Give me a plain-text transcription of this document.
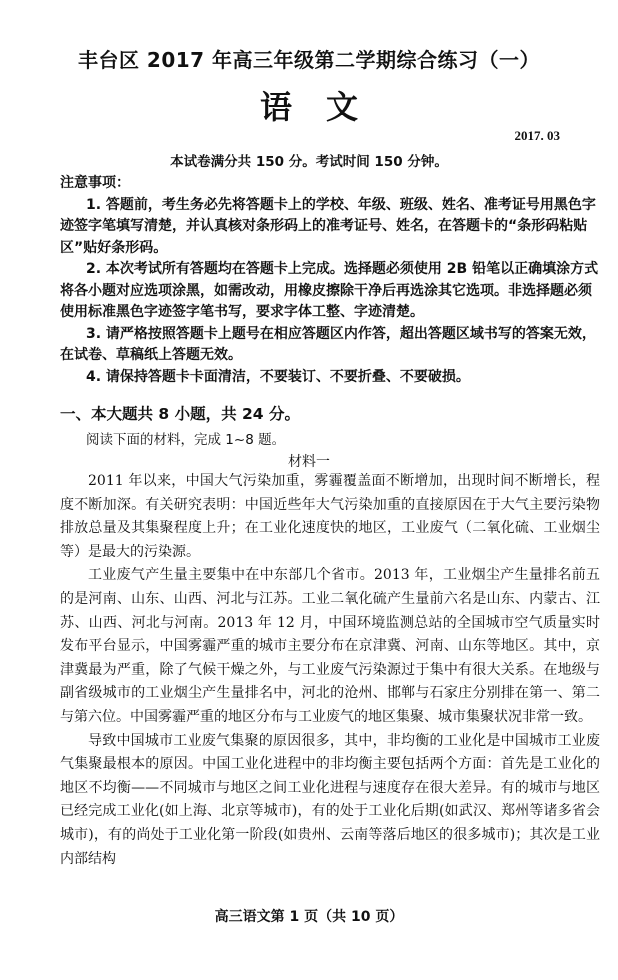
丰台区 2017 年高三年级第二学期综合练习（一）
语文
2017. 03
本试卷满分共 150 分。考试时间 150 分钟。

注意事项：

1. 答题前，考生务必先将答题卡上的学校、年级、班级、姓名、准考证号用黑色字迹签字笔填写清楚，并认真核对条形码上的准考证号、姓名，在答题卡的“条形码粘贴区”贴好条形码。

2. 本次考试所有答题均在答题卡上完成。选择题必须使用 2B 铅笔以正确填涂方式将各小题对应选项涂黑，如需改动，用橡皮擦除干净后再选涂其它选项。非选择题必须使用标准黑色字迹签字笔书写，要求字体工整、字迹清楚。

3. 请严格按照答题卡上题号在相应答题区内作答，超出答题区域书写的答案无效，在试卷、草稿纸上答题无效。

4. 请保持答题卡卡面清洁，不要装订、不要折叠、不要破损。

一、本大题共 8 小题，共 24 分。
阅读下面的材料，完成 1~8 题。
材料一

2011 年以来，中国大气污染加重，雾霾覆盖面不断增加，出现时间不断增长，程度不断加深。有关研究表明：中国近些年大气污染加重的直接原因在于大气主要污染物排放总量及其集聚程度上升；在工业化速度快的地区，工业废气（二氧化硫、工业烟尘等）是最大的污染源。

工业废气产生量主要集中在中东部几个省市。2013 年，工业烟尘产生量排名前五的是河南、山东、山西、河北与江苏。工业二氧化硫产生量前六名是山东、内蒙古、江苏、山西、河北与河南。2013 年 12 月，中国环境监测总站的全国城市空气质量实时发布平台显示，中国雾霾严重的城市主要分布在京津冀、河南、山东等地区。其中，京津冀最为严重，除了气候干燥之外，与工业废气污染源过于集中有很大关系。在地级与副省级城市的工业烟尘产生量排名中，河北的沧州、邯郸与石家庄分别排在第一、第二与第六位。中国雾霾严重的地区分布与工业废气的地区集聚、城市集聚状况非常一致。

导致中国城市工业废气集聚的原因很多，其中，非均衡的工业化是中国城市工业废气集聚最根本的原因。中国工业化进程中的非均衡主要包括两个方面：首先是工业化的地区不均衡——不同城市与地区之间工业化进程与速度存在很大差异。有的城市与地区已经完成工业化(如上海、北京等城市)，有的处于工业化后期(如武汉、郑州等诸多省会城市)，有的尚处于工业化第一阶段(如贵州、云南等落后地区的很多城市)；其次是工业内部结构

高三语文第 1 页（共 10 页）
